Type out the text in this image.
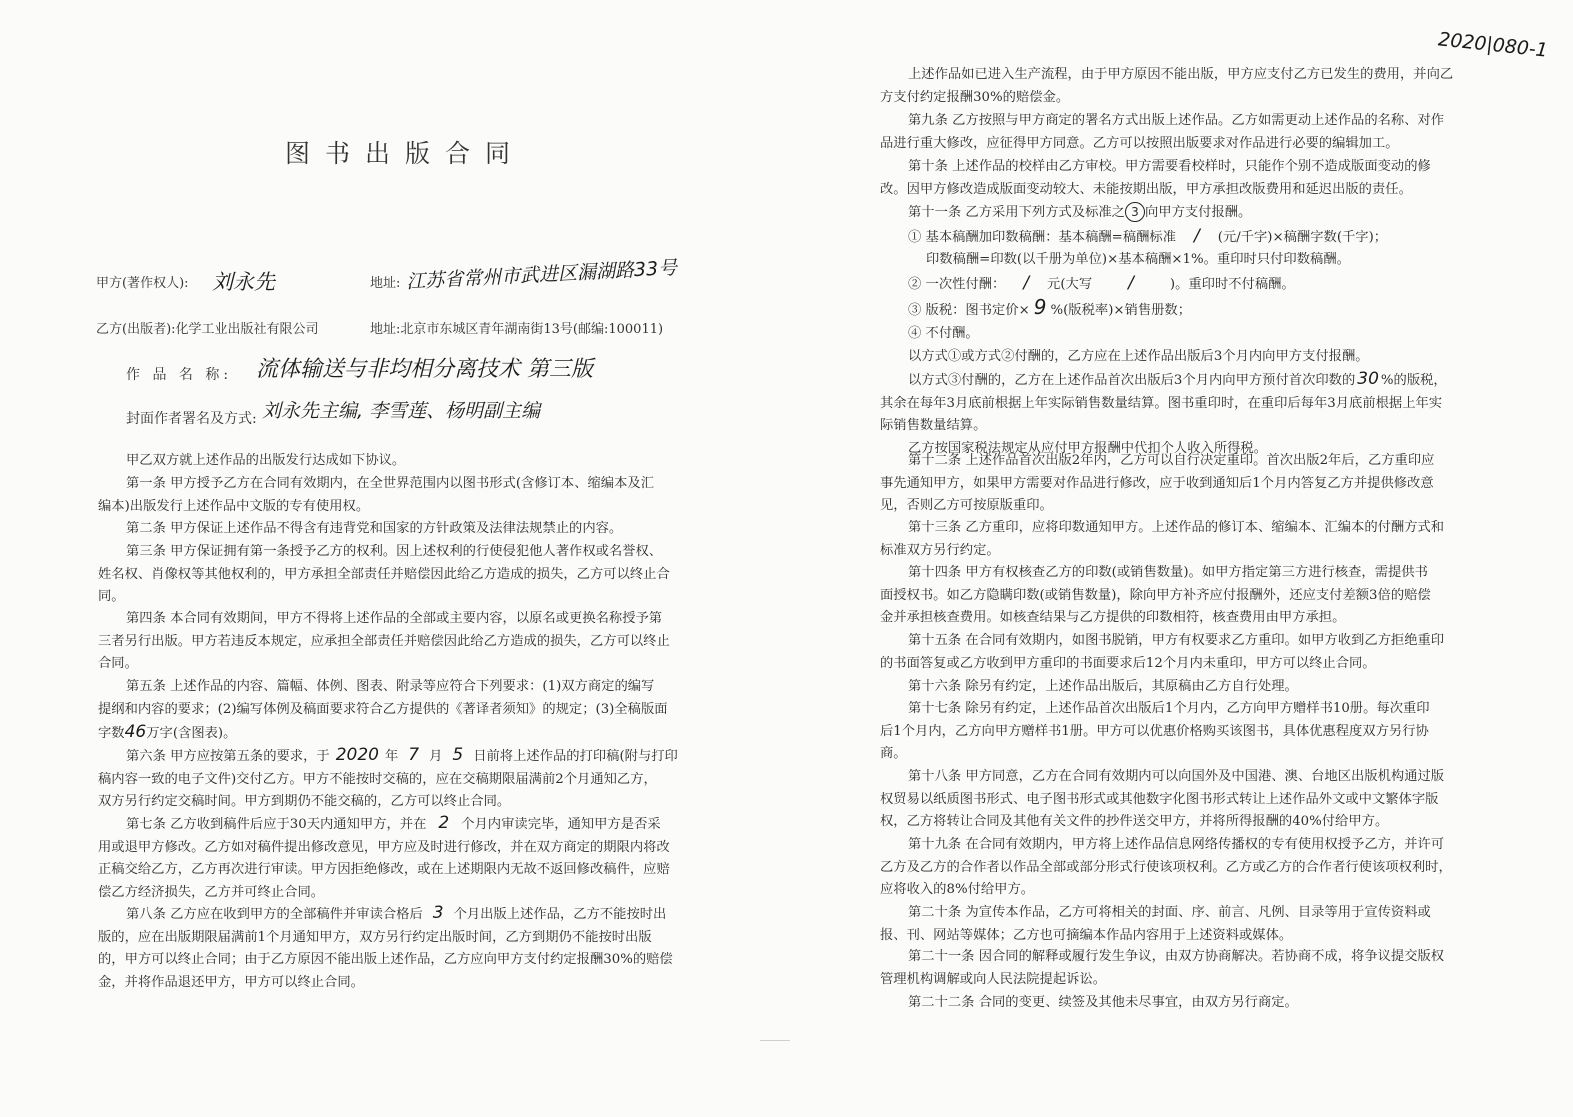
2020|080-1
图书出版合同
甲方(著作权人): 刘永先	地址: 江苏省常州市武进区漏湖路33号
乙方(出版者):化学工业出版社有限公司	地址:北京市东城区青年湖南街13号(邮编:100011)
作 品 名 称: 流体输送与非均相分离技术 第三版
封面作者署名及方式: 刘永先主编, 李雪莲、杨明副主编
甲乙双方就上述作品的出版发行达成如下协议。
第一条 甲方授予乙方在合同有效期内，在全世界范围内以图书形式(含修订本、缩编本及汇
编本)出版发行上述作品中文版的专有使用权。
第二条 甲方保证上述作品不得含有违背党和国家的方针政策及法律法规禁止的内容。
第三条 甲方保证拥有第一条授予乙方的权利。因上述权利的行使侵犯他人著作权或名誉权、
姓名权、肖像权等其他权利的，甲方承担全部责任并赔偿因此给乙方造成的损失，乙方可以终止合
同。
第四条 本合同有效期间，甲方不得将上述作品的全部或主要内容，以原名或更换名称授予第
三者另行出版。甲方若违反本规定，应承担全部责任并赔偿因此给乙方造成的损失，乙方可以终止
合同。
第五条 上述作品的内容、篇幅、体例、图表、附录等应符合下列要求：(1)双方商定的编写
提纲和内容的要求；(2)编写体例及稿面要求符合乙方提供的《著译者须知》的规定；(3)全稿版面
字数46万字(含图表)。
第六条 甲方应按第五条的要求，于 2020 年 7 月 5 日前将上述作品的打印稿(附与打印
稿内容一致的电子文件)交付乙方。甲方不能按时交稿的，应在交稿期限届满前2个月通知乙方，
双方另行约定交稿时间。甲方到期仍不能交稿的，乙方可以终止合同。
第七条 乙方收到稿件后应于30天内通知甲方，并在 2 个月内审读完毕，通知甲方是否采
用或退甲方修改。乙方如对稿件提出修改意见，甲方应及时进行修改，并在双方商定的期限内将改
正稿交给乙方，乙方再次进行审读。甲方因拒绝修改，或在上述期限内无故不返回修改稿件，应赔
偿乙方经济损失，乙方并可终止合同。
第八条 乙方应在收到甲方的全部稿件并审读合格后 3 个月出版上述作品，乙方不能按时出
版的，应在出版期限届满前1个月通知甲方，双方另行约定出版时间，乙方到期仍不能按时出版
的，甲方可以终止合同；由于乙方原因不能出版上述作品，乙方应向甲方支付约定报酬30%的赔偿
金，并将作品退还甲方，甲方可以终止合同。
上述作品如已进入生产流程，由于甲方原因不能出版，甲方应支付乙方已发生的费用，并向乙
方支付约定报酬30%的赔偿金。
第九条 乙方按照与甲方商定的署名方式出版上述作品。乙方如需更动上述作品的名称、对作
品进行重大修改，应征得甲方同意。乙方可以按照出版要求对作品进行必要的编辑加工。
第十条 上述作品的校样由乙方审校。甲方需要看校样时，只能作个别不造成版面变动的修
改。因甲方修改造成版面变动较大、未能按期出版，甲方承担改版费用和延迟出版的责任。
第十一条 乙方采用下列方式及标准之 3 向甲方支付报酬。
① 基本稿酬加印数稿酬：基本稿酬=稿酬标准 / (元/千字)×稿酬字数(千字)；
印数稿酬=印数(以千册为单位)×基本稿酬×1%。重印时只付印数稿酬。
② 一次性付酬： / 元(大写 /	)。重印时不付稿酬。
③ 版税：图书定价× 9 %(版税率)×销售册数；
④ 不付酬。
以方式①或方式②付酬的，乙方应在上述作品出版后3个月内向甲方支付报酬。
以方式③付酬的，乙方在上述作品首次出版后3个月内向甲方预付首次印数的 30 %的版税，
其余在每年3月底前根据上年实际销售数量结算。图书重印时，在重印后每年3月底前根据上年实
际销售数量结算。
乙方按国家税法规定从应付甲方报酬中代扣个人收入所得税。
第十二条 上述作品首次出版2年内，乙方可以自行决定重印。首次出版2年后，乙方重印应
事先通知甲方，如果甲方需要对作品进行修改，应于收到通知后1个月内答复乙方并提供修改意
见，否则乙方可按原版重印。
第十三条 乙方重印，应将印数通知甲方。上述作品的修订本、缩编本、汇编本的付酬方式和
标准双方另行约定。
第十四条 甲方有权核查乙方的印数(或销售数量)。如甲方指定第三方进行核查，需提供书
面授权书。如乙方隐瞒印数(或销售数量)，除向甲方补齐应付报酬外，还应支付差额3倍的赔偿
金并承担核查费用。如核查结果与乙方提供的印数相符，核查费用由甲方承担。
第十五条 在合同有效期内，如图书脱销，甲方有权要求乙方重印。如甲方收到乙方拒绝重印
的书面答复或乙方收到甲方重印的书面要求后12个月内未重印，甲方可以终止合同。
第十六条 除另有约定，上述作品出版后，其原稿由乙方自行处理。
第十七条 除另有约定，上述作品首次出版后1个月内，乙方向甲方赠样书10册。每次重印
后1个月内，乙方向甲方赠样书1册。甲方可以优惠价格购买该图书，具体优惠程度双方另行协
商。
第十八条 甲方同意，乙方在合同有效期内可以向国外及中国港、澳、台地区出版机构通过版
权贸易以纸质图书形式、电子图书形式或其他数字化图书形式转让上述作品外文或中文繁体字版
权，乙方将转让合同及其他有关文件的抄件送交甲方，并将所得报酬的40%付给甲方。
第十九条 在合同有效期内，甲方将上述作品信息网络传播权的专有使用权授予乙方，并许可
乙方及乙方的合作者以作品全部或部分形式行使该项权利。乙方或乙方的合作者行使该项权利时，
应将收入的8%付给甲方。
第二十条 为宣传本作品，乙方可将相关的封面、序、前言、凡例、目录等用于宣传资料或
报、刊、网站等媒体；乙方也可摘编本作品内容用于上述资料或媒体。
第二十一条 因合同的解释或履行发生争议，由双方协商解决。若协商不成，将争议提交版权
管理机构调解或向人民法院提起诉讼。
第二十二条 合同的变更、续签及其他未尽事宜，由双方另行商定。
